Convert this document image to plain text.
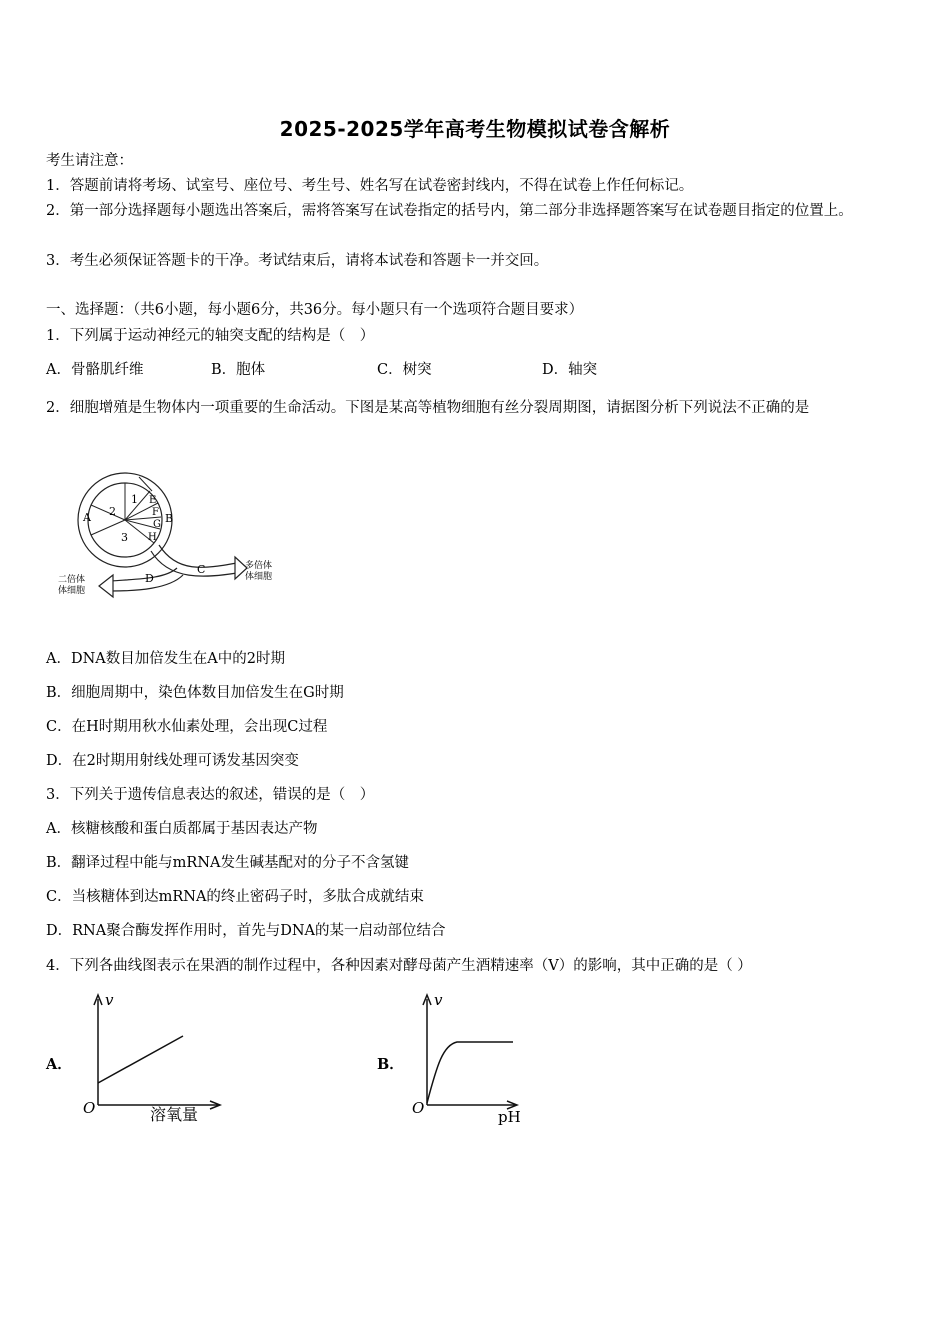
2025-2025学年高考生物模拟试卷含解析
考生请注意：
1．答题前请将考场、试室号、座位号、考生号、姓名写在试卷密封线内，不得在试卷上作任何标记。
2．第一部分选择题每小题选出答案后，需将答案写在试卷指定的括号内，第二部分非选择题答案写在试卷题目指定的位置上。
3．考生必须保证答题卡的干净。考试结束后，请将本试卷和答题卡一并交回。
一、选择题：（共6小题，每小题6分，共36分。每小题只有一个选项符合题目要求）
1．下列属于运动神经元的轴突支配的结构是（　）
A．骨骼肌纤维	B．胞体	C．树突	D．轴突
2．细胞增殖是生物体内一项重要的生命活动。下图是某高等植物细胞有丝分裂周期图，请据图分析下列说法不正确的是
A	B
1
2
3
E
F
G
H
C
D
多倍体
体细胞
二倍体
体细胞
A．DNA数目加倍发生在A中的2时期
B．细胞周期中，染色体数目加倍发生在G时期
C．在H时期用秋水仙素处理，会出现C过程
D．在2时期用射线处理可诱发基因突变
3．下列关于遗传信息表达的叙述，错误的是（　）
A．核糖核酸和蛋白质都属于基因表达产物
B．翻译过程中能与mRNA发生碱基配对的分子不含氢键
C．当核糖体到达mRNA的终止密码子时，多肽合成就结束
D．RNA聚合酶发挥作用时，首先与DNA的某一启动部位结合
4．下列各曲线图表示在果酒的制作过程中，各种因素对酵母菌产生酒精速率（V）的影响，其中正确的是（ ）
A．
v
O	溶氧量
B．
v
O	pH
